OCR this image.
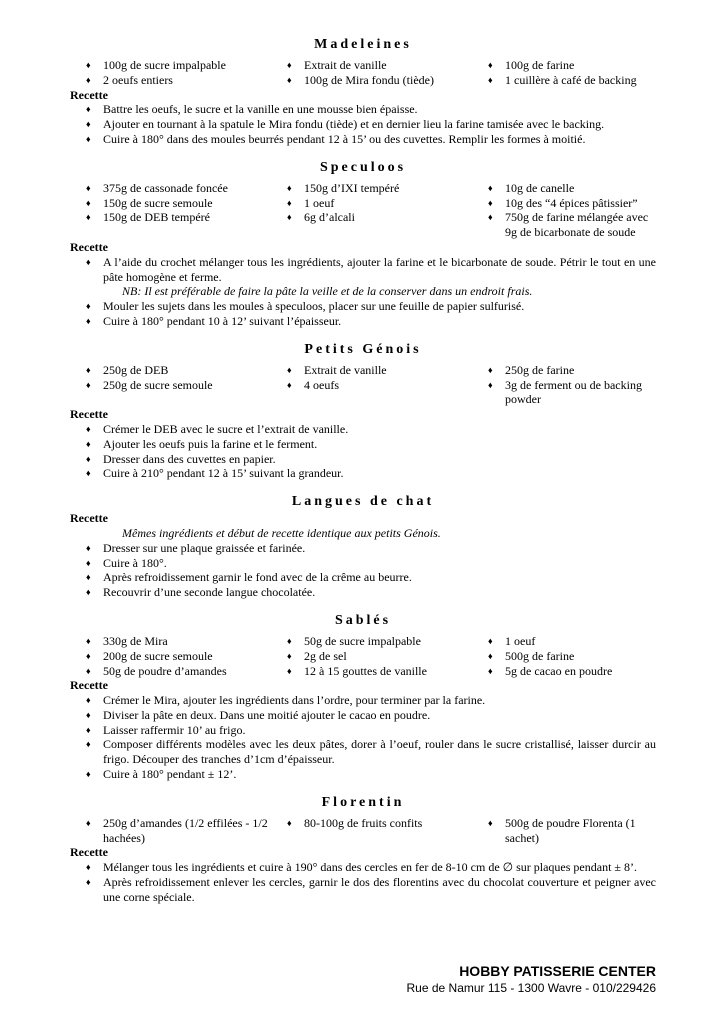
Madeleines
♦ 100g de sucre impalpable
♦ 2 oeufs entiers
♦ Extrait de vanille
♦ 100g de Mira fondu (tiède)
♦ 100g de farine
♦ 1 cuillère à café de backing
Recette
♦ Battre les oeufs, le sucre et la vanille en une mousse bien épaisse.
♦ Ajouter en tournant à la spatule le Mira fondu (tiède) et en dernier lieu la farine tamisée avec le backing.
♦ Cuire à 180° dans des moules beurrés pendant 12 à 15’ ou des cuvettes. Remplir les formes à moitié.
Speculoos
♦ 375g de cassonade foncée
♦ 150g de sucre semoule
♦ 150g de DEB tempéré
♦ 150g d’IXI tempéré
♦ 1 oeuf
♦ 6g d’alcali
♦ 10g de canelle
♦ 10g des “4 épices pâtissier”
♦ 750g de farine mélangée avec 9g de bicarbonate de soude
Recette
♦ A l’aide du crochet mélanger tous les ingrédients, ajouter la farine et le bicarbonate de soude. Pétrir le tout en une pâte homogène et ferme.
NB: Il est préférable de faire la pâte la veille et de la conserver dans un endroit frais.
♦ Mouler les sujets dans les moules à speculoos, placer sur une feuille de papier sulfurisé.
♦ Cuire à 180° pendant 10 à 12’ suivant l’épaisseur.
Petits Génois
♦ 250g de DEB
♦ 250g de sucre semoule
♦ Extrait de vanille
♦ 4 oeufs
♦ 250g de farine
♦ 3g de ferment ou de backing powder
Recette
♦ Crémer le DEB avec le sucre et l’extrait de vanille.
♦ Ajouter les oeufs puis la farine et le ferment.
♦ Dresser dans des cuvettes en papier.
♦ Cuire à 210° pendant 12 à 15’ suivant la grandeur.
Langues de chat
Recette
Mêmes ingrédients et début de recette identique aux petits Génois.
♦ Dresser sur une plaque graissée et farinée.
♦ Cuire à 180°.
♦ Après refroidissement garnir le fond avec de la crême au beurre.
♦ Recouvrir d’une seconde langue chocolatée.
Sablés
♦ 330g de Mira
♦ 200g de sucre semoule
♦ 50g de poudre d’amandes
♦ 50g de sucre impalpable
♦ 2g de sel
♦ 12 à 15 gouttes de vanille
♦ 1 oeuf
♦ 500g de farine
♦ 5g de cacao en poudre
Recette
♦ Crémer le Mira, ajouter les ingrédients dans l’ordre, pour terminer par la farine.
♦ Diviser la pâte en deux. Dans une moitié ajouter le cacao en poudre.
♦ Laisser raffermir 10’ au frigo.
♦ Composer différents modèles avec les deux pâtes, dorer à l’oeuf, rouler dans le sucre cristallisé, laisser durcir au frigo. Découper des tranches d’1cm d’épaisseur.
♦ Cuire à 180° pendant ± 12’.
Florentin
♦ 250g d’amandes (1/2 effilées - 1/2 hachées)
♦ 80-100g de fruits confits
♦	500g de poudre Florenta (1 sachet)
Recette
♦ Mélanger tous les ingrédients et cuire à 190° dans des cercles en fer de 8-10 cm de ∅ sur plaques pendant ± 8’.
♦ Après refroidissement enlever les cercles, garnir le dos des florentins avec du chocolat couverture et peigner avec une corne spéciale.
HOBBY PATISSERIE CENTER
Rue de Namur 115 - 1300 Wavre - 010/229426
